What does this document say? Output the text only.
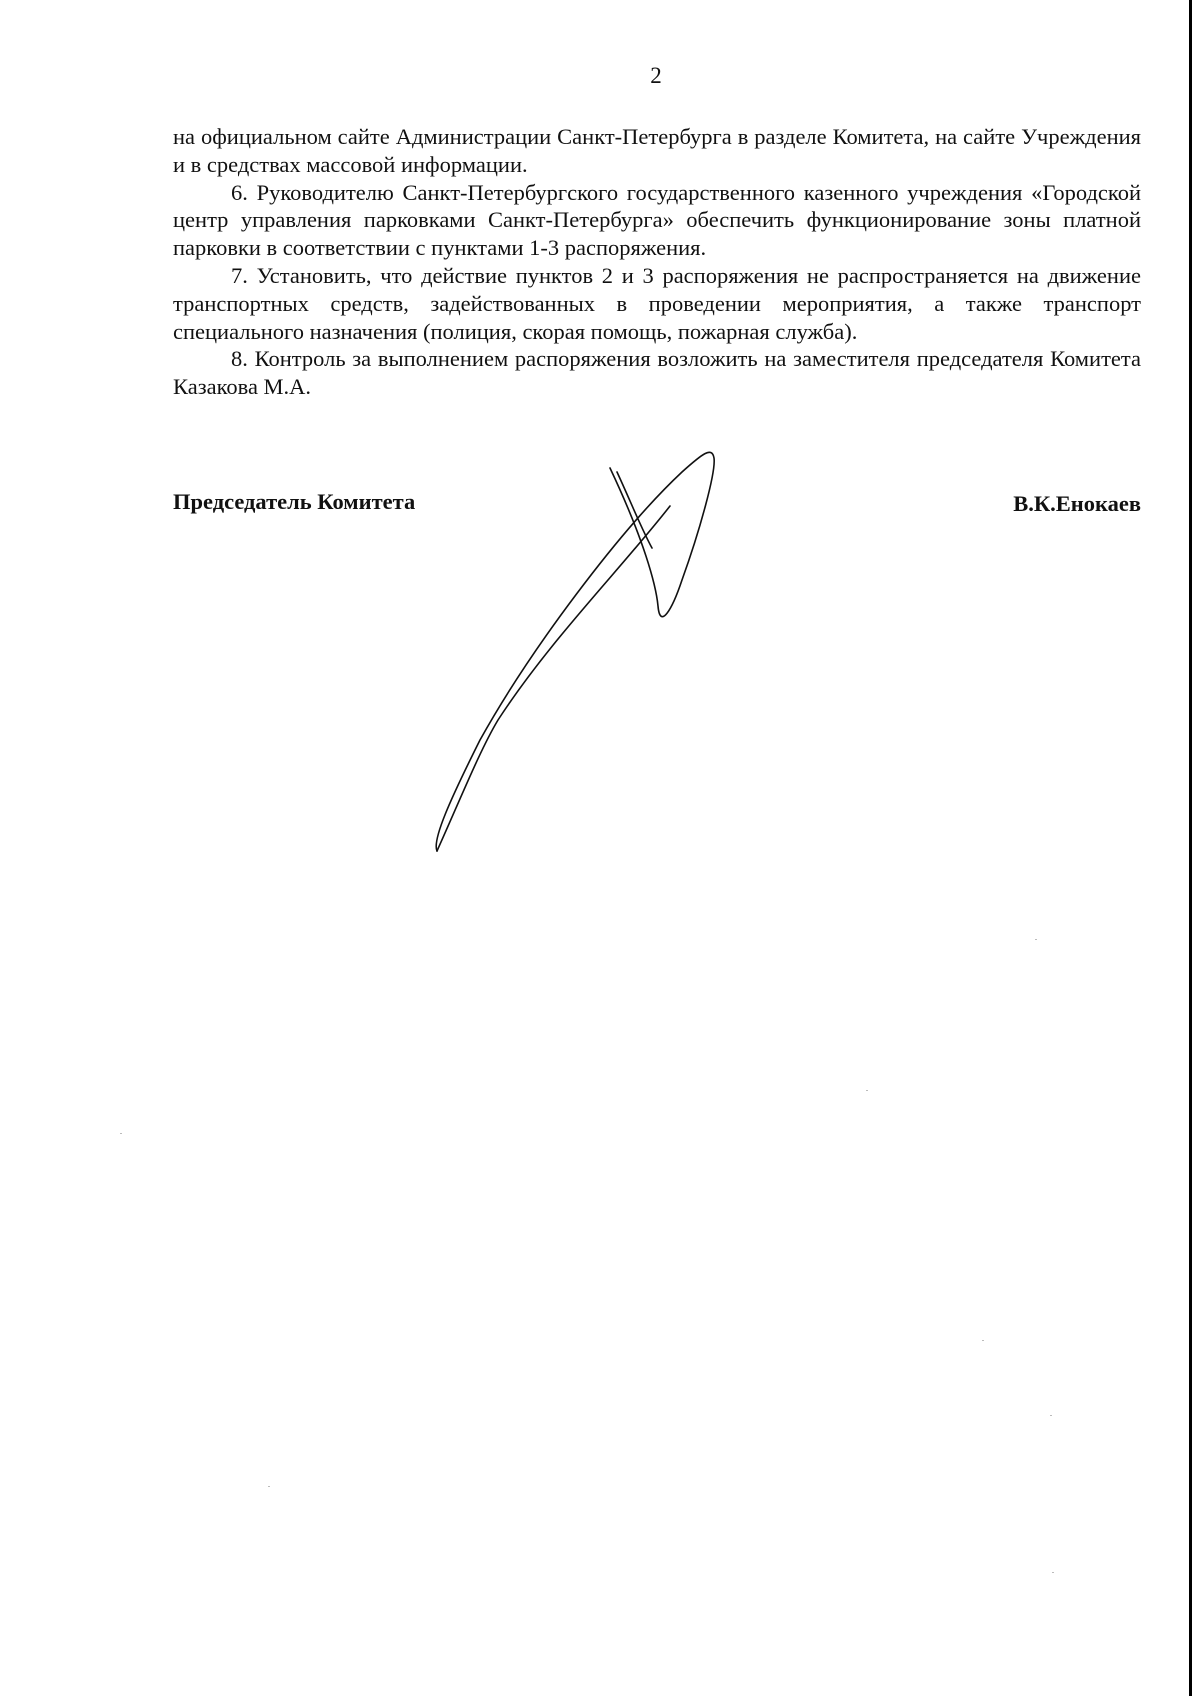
2

на официальном сайте Администрации Санкт-Петербурга в разделе Комитета, на сайте Учреждения и в средствах массовой информации.

6. Руководителю Санкт-Петербургского государственного казенного учреждения «Городской центр управления парковками Санкт-Петербурга» обеспечить функционирование зоны платной парковки в соответствии с пунктами 1-3 распоряжения.

7. Установить, что действие пунктов 2 и 3 распоряжения не распространяется на движение транспортных средств, задействованных в проведении мероприятия, а также транспорт специального назначения (полиция, скорая помощь, пожарная служба).

8. Контроль за выполнением распоряжения возложить на заместителя председателя Комитета Казакова М.А.

Председатель Комитета	В.К.Енокаев
